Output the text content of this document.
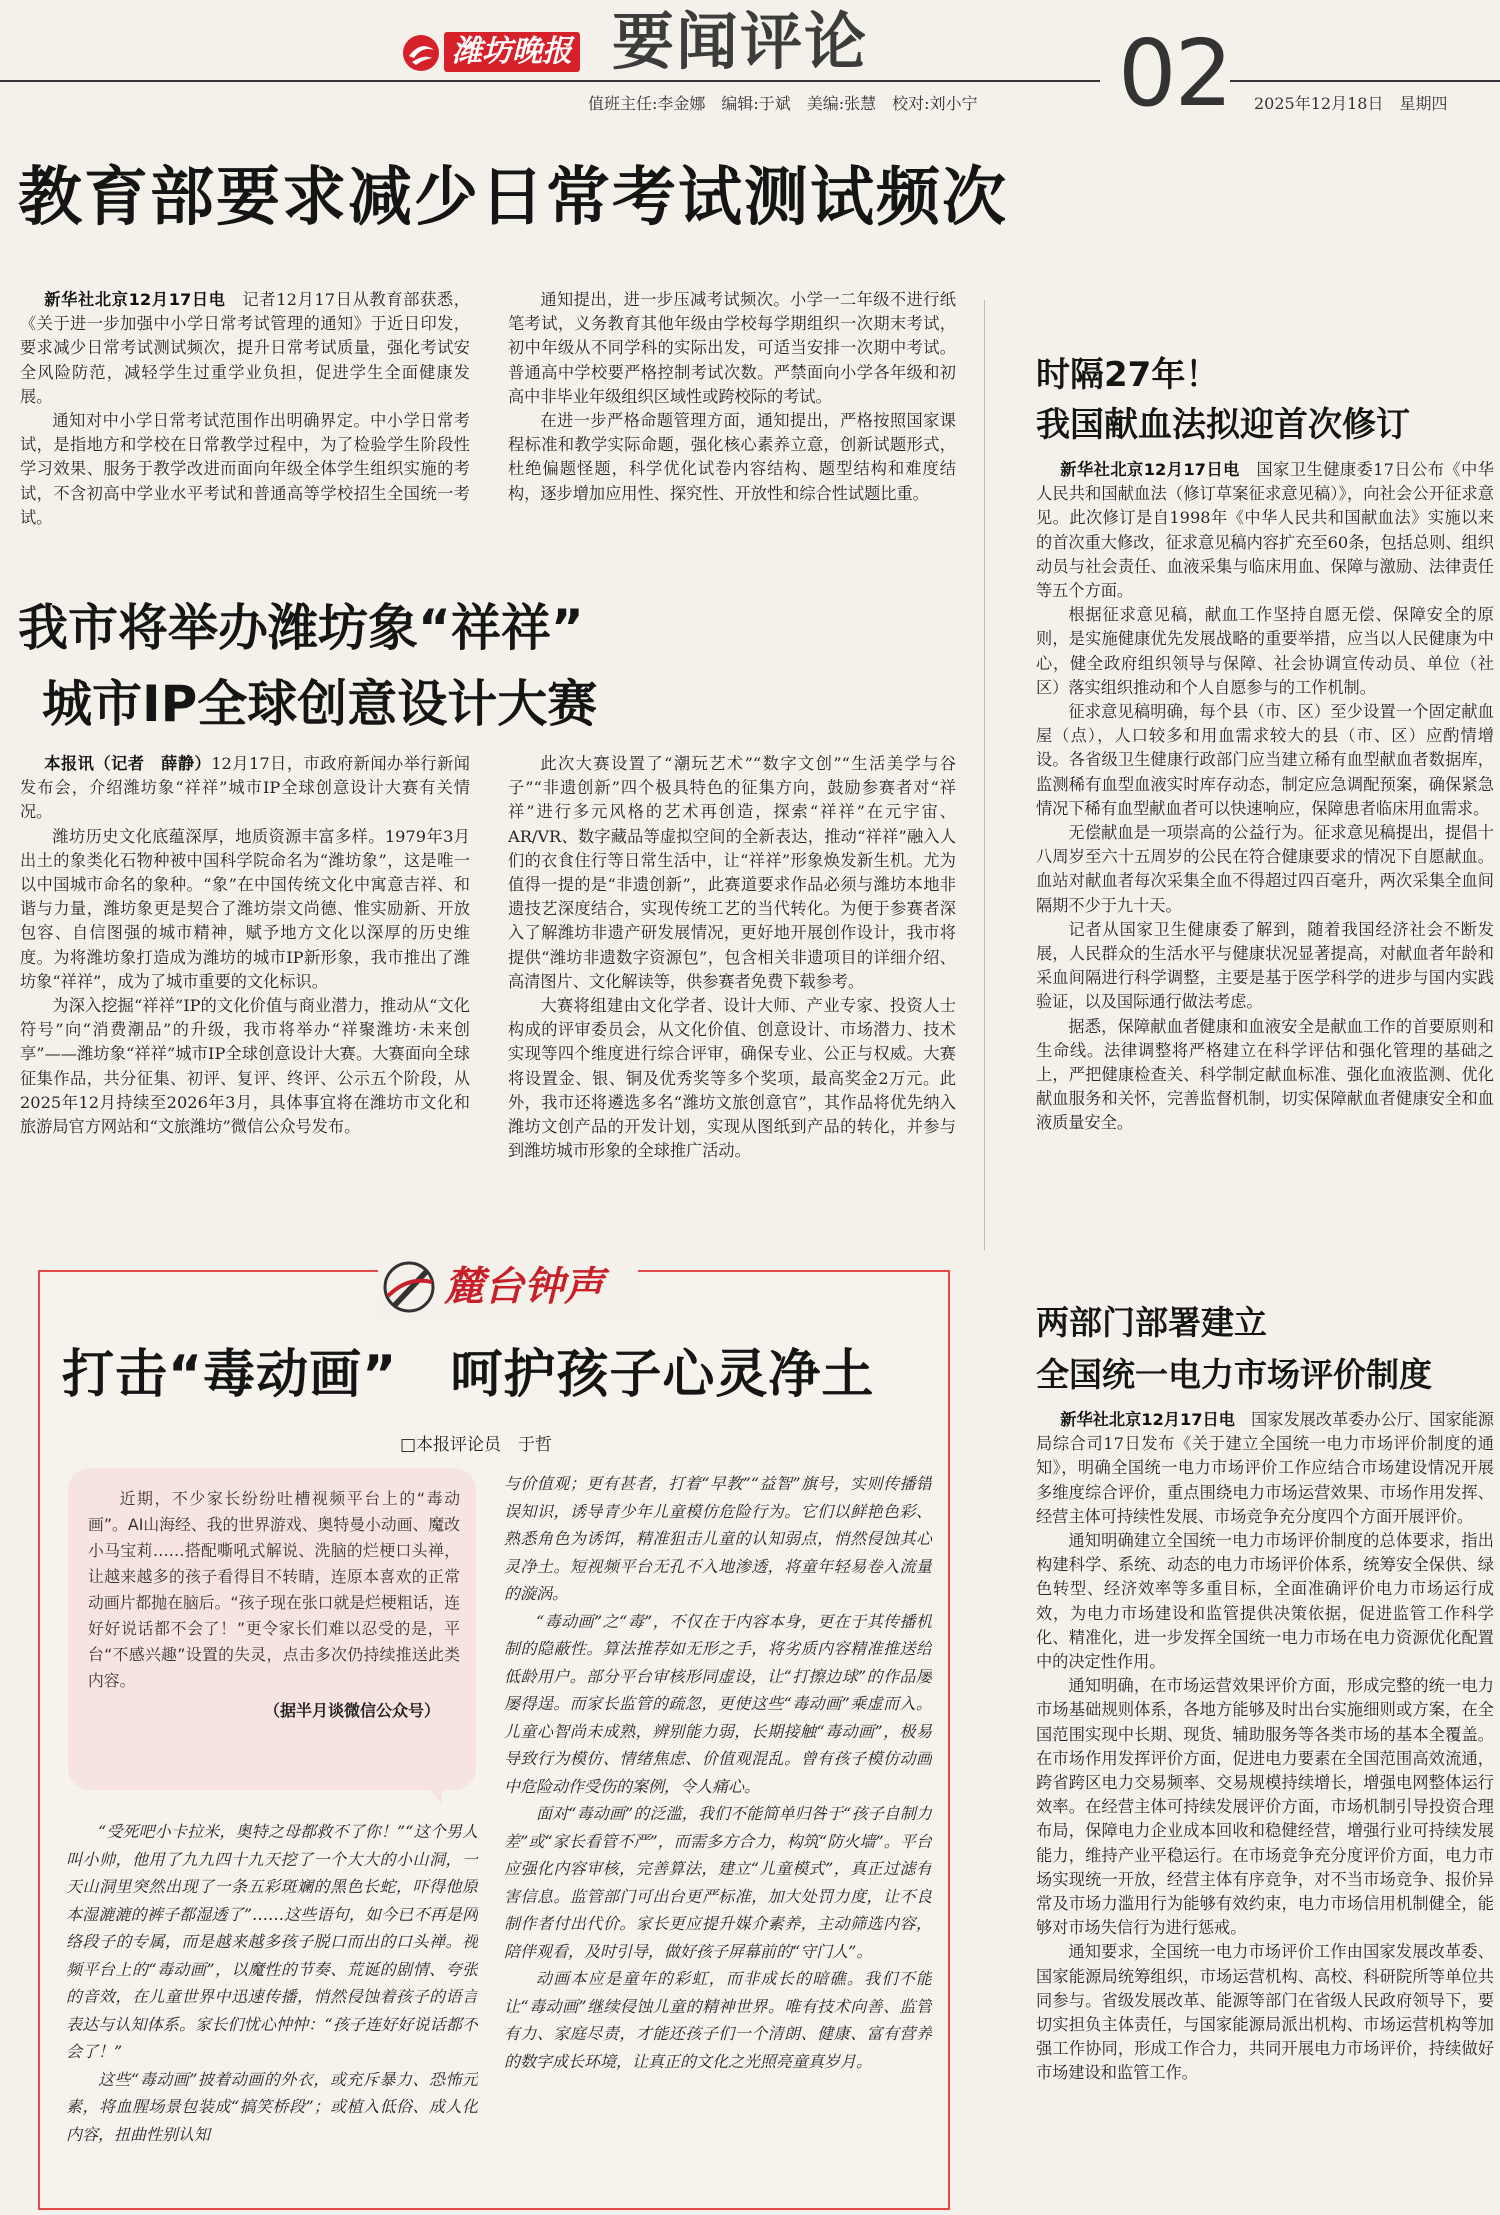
潍坊晚报 要闻评论	02
值班主任:李金娜　编辑:于斌　美编:张慧　校对:刘小宁	2025年12月18日　星期四
教育部要求减少日常考试测试频次

新华社北京12月17日电　 记者12月17日从教育部获悉，《关于进一步加强中小学日常考试管理的通知》于近日印发，要求减少日常考试测试频次，提升日常考试质量，强化考试安全风险防范，减轻学生过重学业负担，促进学生全面健康发展。

通知对中小学日常考试范围作出明确界定。中小学日常考试，是指地方和学校在日常教学过程中，为了检验学生阶段性学习效果、服务于教学改进而面向年级全体学生组织实施的考试，不含初高中学业水平考试和普通高等学校招生全国统一考试。

通知提出，进一步压减考试频次。小学一二年级不进行纸笔考试，义务教育其他年级由学校每学期组织一次期末考试，初中年级从不同学科的实际出发，可适当安排一次期中考试。普通高中学校要严格控制考试次数。严禁面向小学各年级和初高中非毕业年级组织区域性或跨校际的考试。

在进一步严格命题管理方面，通知提出，严格按照国家课程标准和教学实际命题，强化核心素养立意，创新试题形式，杜绝偏题怪题，科学优化试卷内容结构、题型结构和难度结构，逐步增加应用性、探究性、开放性和综合性试题比重。

我市将举办潍坊象“祥祥”
城市IP全球创意设计大赛

本报讯（记者　薛静）12月17日，市政府新闻办举行新闻发布会，介绍潍坊象“祥祥”城市IP全球创意设计大赛有关情况。

潍坊历史文化底蕴深厚，地质资源丰富多样。1979年3月出土的象类化石物种被中国科学院命名为“潍坊象”，这是唯一以中国城市命名的象种。“象”在中国传统文化中寓意吉祥、和谐与力量，潍坊象更是契合了潍坊崇文尚德、惟实励新、开放包容、自信图强的城市精神，赋予地方文化以深厚的历史维度。为将潍坊象打造成为潍坊的城市IP新形象，我市推出了潍坊象“祥祥”，成为了城市重要的文化标识。

为深入挖掘“祥祥”IP的文化价值与商业潜力，推动从“文化符号”向“消费潮品”的升级，我市将举办“祥聚潍坊·未来创享”——潍坊象“祥祥”城市IP全球创意设计大赛。大赛面向全球征集作品，共分征集、初评、复评、终评、公示五个阶段，从2025年12月持续至2026年3月，具体事宜将在潍坊市文化和旅游局官方网站和“文旅潍坊”微信公众号发布。

此次大赛设置了“潮玩艺术”“数字文创”“生活美学与谷子”“非遗创新”四个极具特色的征集方向，鼓励参赛者对“祥祥”进行多元风格的艺术再创造，探索“祥祥”在元宇宙、AR/VR、数字藏品等虚拟空间的全新表达，推动“祥祥”融入人们的衣食住行等日常生活中，让“祥祥”形象焕发新生机。尤为值得一提的是“非遗创新”，此赛道要求作品必须与潍坊本地非遗技艺深度结合，实现传统工艺的当代转化。为便于参赛者深入了解潍坊非遗产研发展情况，更好地开展创作设计，我市将提供“潍坊非遗数字资源包”，包含相关非遗项目的详细介绍、高清图片、文化解读等，供参赛者免费下载参考。

大赛将组建由文化学者、设计大师、产业专家、投资人士构成的评审委员会，从文化价值、创意设计、市场潜力、技术实现等四个维度进行综合评审，确保专业、公正与权威。大赛将设置金、银、铜及优秀奖等多个奖项，最高奖金2万元。此外，我市还将遴选多名“潍坊文旅创意官”，其作品将优先纳入潍坊文创产品的开发计划，实现从图纸到产品的转化，并参与到潍坊城市形象的全球推广活动。

时隔27年！
我国献血法拟迎首次修订

新华社北京12月17日电　 国家卫生健康委17日公布《中华人民共和国献血法（修订草案征求意见稿）》，向社会公开征求意见。此次修订是自1998年《中华人民共和国献血法》实施以来的首次重大修改，征求意见稿内容扩充至60条，包括总则、组织动员与社会责任、血液采集与临床用血、保障与激励、法律责任等五个方面。

根据征求意见稿，献血工作坚持自愿无偿、保障安全的原则，是实施健康优先发展战略的重要举措，应当以人民健康为中心，健全政府组织领导与保障、社会协调宣传动员、单位（社区）落实组织推动和个人自愿参与的工作机制。

征求意见稿明确，每个县（市、区）至少设置一个固定献血屋（点），人口较多和用血需求较大的县（市、区）应酌情增设。各省级卫生健康行政部门应当建立稀有血型献血者数据库，监测稀有血型血液实时库存动态，制定应急调配预案，确保紧急情况下稀有血型献血者可以快速响应，保障患者临床用血需求。

无偿献血是一项崇高的公益行为。征求意见稿提出，提倡十八周岁至六十五周岁的公民在符合健康要求的情况下自愿献血。血站对献血者每次采集全血不得超过四百毫升，两次采集全血间隔期不少于九十天。

记者从国家卫生健康委了解到，随着我国经济社会不断发展，人民群众的生活水平与健康状况显著提高，对献血者年龄和采血间隔进行科学调整，主要是基于医学科学的进步与国内实践验证，以及国际通行做法考虑。

据悉，保障献血者健康和血液安全是献血工作的首要原则和生命线。法律调整将严格建立在科学评估和强化管理的基础之上，严把健康检查关、科学制定献血标准、强化血液监测、优化献血服务和关怀，完善监督机制，切实保障献血者健康安全和血液质量安全。

麓台钟声
打击“毒动画”　呵护孩子心灵净土
□本报评论员　于哲

近期，不少家长纷纷吐槽视频平台上的“毒动画”。AI山海经、我的世界游戏、奥特曼小动画、魔改小马宝莉……搭配嘶吼式解说、洗脑的烂梗口头禅，让越来越多的孩子看得目不转睛，连原本喜欢的正常动画片都抛在脑后。“孩子现在张口就是烂梗粗话，连好好说话都不会了！”更令家长们难以忍受的是，平台“不感兴趣”设置的失灵，点击多次仍持续推送此类内容。

（据半月谈微信公众号）

“受死吧小卡拉米，奥特之母都救不了你！”“这个男人叫小帅，他用了九九四十九天挖了一个大大的小山洞，一天山洞里突然出现了一条五彩斑斓的黑色长蛇，吓得他原本湿漉漉的裤子都湿透了”……这些语句，如今已不再是网络段子的专属，而是越来越多孩子脱口而出的口头禅。视频平台上的“毒动画”，以魔性的节奏、荒诞的剧情、夸张的音效，在儿童世界中迅速传播，悄然侵蚀着孩子的语言表达与认知体系。家长们忧心忡忡：“孩子连好好说话都不会了！”

这些“毒动画”披着动画的外衣，或充斥暴力、恐怖元素，将血腥场景包装成“搞笑桥段”；或植入低俗、成人化内容，扭曲性别认知

与价值观；更有甚者，打着“早教”“益智”旗号，实则传播错误知识，诱导青少年儿童模仿危险行为。它们以鲜艳色彩、熟悉角色为诱饵，精准狙击儿童的认知弱点，悄然侵蚀其心灵净土。短视频平台无孔不入地渗透，将童年轻易卷入流量的漩涡。

“毒动画”之“毒”，不仅在于内容本身，更在于其传播机制的隐蔽性。算法推荐如无形之手，将劣质内容精准推送给低龄用户。部分平台审核形同虚设，让“打擦边球”的作品屡屡得逞。而家长监管的疏忽，更使这些“毒动画”乘虚而入。儿童心智尚未成熟，辨别能力弱，长期接触“毒动画”，极易导致行为模仿、情绪焦虑、价值观混乱。曾有孩子模仿动画中危险动作受伤的案例，令人痛心。

面对“毒动画”的泛滥，我们不能简单归咎于“孩子自制力差”或“家长看管不严”，而需多方合力，构筑“防火墙”。平台应强化内容审核，完善算法，建立“儿童模式”，真正过滤有害信息。监管部门可出台更严标准，加大处罚力度，让不良制作者付出代价。家长更应提升媒介素养，主动筛选内容，陪伴观看，及时引导，做好孩子屏幕前的“守门人”。

动画本应是童年的彩虹，而非成长的暗礁。我们不能让“毒动画”继续侵蚀儿童的精神世界。唯有技术向善、监管有力、家庭尽责，才能还孩子们一个清朗、健康、富有营养的数字成长环境，让真正的文化之光照亮童真岁月。

两部门部署建立
全国统一电力市场评价制度

新华社北京12月17日电　 国家发展改革委办公厅、国家能源局综合司17日发布《关于建立全国统一电力市场评价制度的通知》，明确全国统一电力市场评价工作应结合市场建设情况开展多维度综合评价，重点围绕电力市场运营效果、市场作用发挥、经营主体可持续性发展、市场竞争充分度四个方面开展评价。

通知明确建立全国统一电力市场评价制度的总体要求，指出构建科学、系统、动态的电力市场评价体系，统筹安全保供、绿色转型、经济效率等多重目标，全面准确评价电力市场运行成效，为电力市场建设和监管提供决策依据，促进监管工作科学化、精准化，进一步发挥全国统一电力市场在电力资源优化配置中的决定性作用。

通知明确，在市场运营效果评价方面，形成完整的统一电力市场基础规则体系，各地方能够及时出台实施细则或方案，在全国范围实现中长期、现货、辅助服务等各类市场的基本全覆盖。在市场作用发挥评价方面，促进电力要素在全国范围高效流通，跨省跨区电力交易频率、交易规模持续增长，增强电网整体运行效率。在经营主体可持续发展评价方面，市场机制引导投资合理布局，保障电力企业成本回收和稳健经营，增强行业可持续发展能力，维持产业平稳运行。在市场竞争充分度评价方面，电力市场实现统一开放，经营主体有序竞争，对不当市场竞争、报价异常及市场力滥用行为能够有效约束，电力市场信用机制健全，能够对市场失信行为进行惩戒。

通知要求，全国统一电力市场评价工作由国家发展改革委、国家能源局统筹组织，市场运营机构、高校、科研院所等单位共同参与。省级发展改革、能源等部门在省级人民政府领导下，要切实担负主体责任，与国家能源局派出机构、市场运营机构等加强工作协同，形成工作合力，共同开展电力市场评价，持续做好市场建设和监管工作。
